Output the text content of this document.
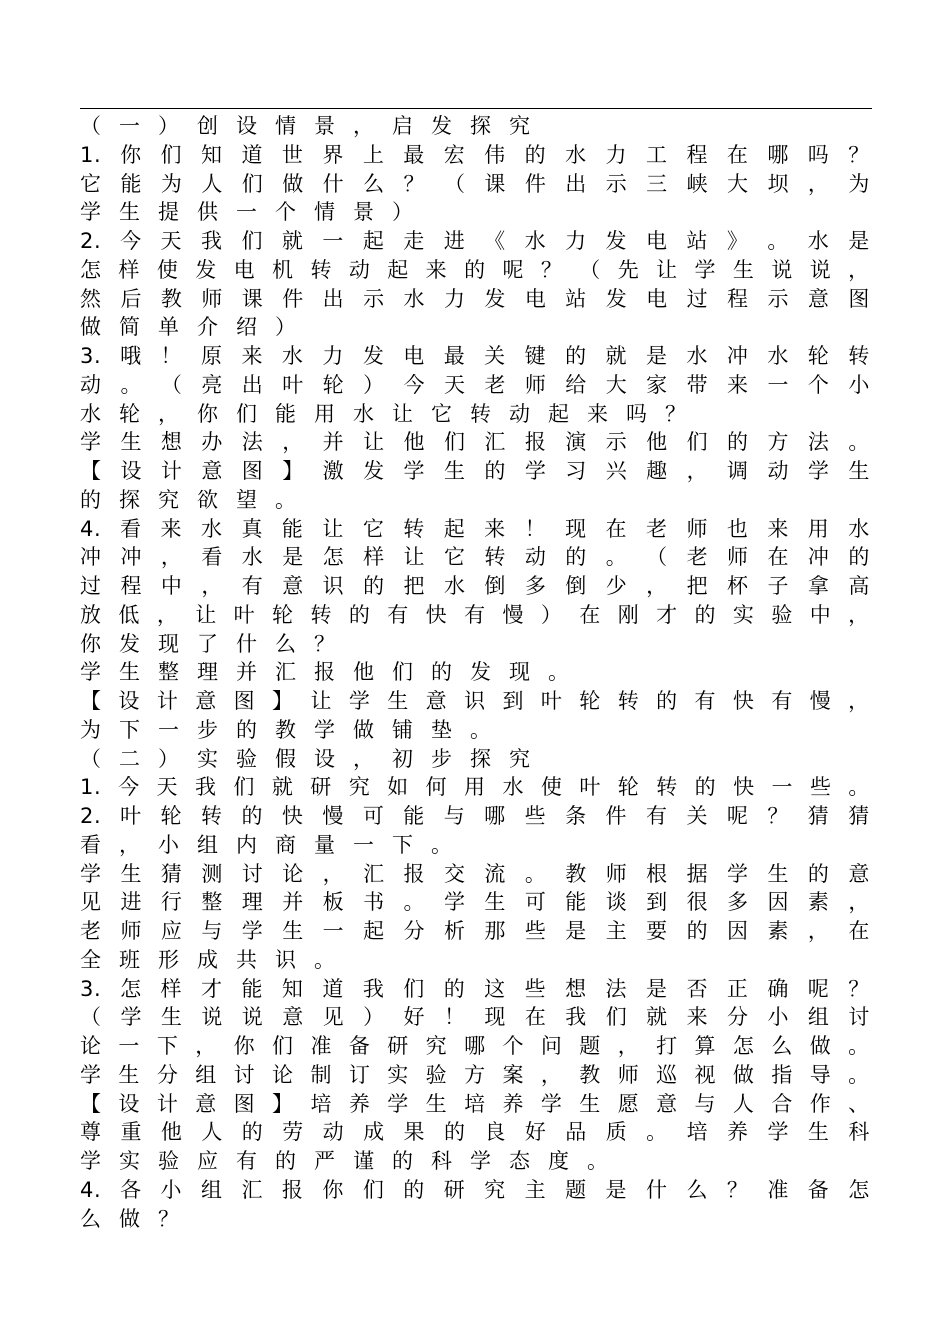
（ 一 ） 创 设 情 景 ， 启 发 探 究
1. 你 们 知 道 世 界 上 最 宏 伟 的 水 力 工 程 在 哪 吗 ？
它 能 为 人 们 做 什 么 ？ （ 课 件 出 示 三 峡 大 坝 ， 为
学 生 提 供 一 个 情 景 ）
2. 今 天 我 们 就 一 起 走 进 《 水 力 发 电 站 》 。 水 是
怎 样 使 发 电 机 转 动 起 来 的 呢 ？ （ 先 让 学 生 说 说 ，
然 后 教 师 课 件 出 示 水 力 发 电 站 发 电 过 程 示 意 图
做 简 单 介 绍 ）
3. 哦 ！ 原 来 水 力 发 电 最 关 键 的 就 是 水 冲 水 轮 转
动 。 （ 亮 出 叶 轮 ） 今 天 老 师 给 大 家 带 来 一 个 小
水 轮 ， 你 们 能 用 水 让 它 转 动 起 来 吗 ？
学 生 想 办 法 ， 并 让 他 们 汇 报 演 示 他 们 的 方 法 。
【 设 计 意 图 】 激 发 学 生 的 学 习 兴 趣 ， 调 动 学 生
的 探 究 欲 望 。
4. 看 来 水 真 能 让 它 转 起 来 ！ 现 在 老 师 也 来 用 水
冲 冲 ， 看 水 是 怎 样 让 它 转 动 的 。 （ 老 师 在 冲 的
过 程 中 ， 有 意 识 的 把 水 倒 多 倒 少 ， 把 杯 子 拿 高
放 低 ， 让 叶 轮 转 的 有 快 有 慢 ） 在 刚 才 的 实 验 中 ，
你 发 现 了 什 么 ？
学 生 整 理 并 汇 报 他 们 的 发 现 。
【 设 计 意 图 】 让 学 生 意 识 到 叶 轮 转 的 有 快 有 慢 ，
为 下 一 步 的 教 学 做 铺 垫 。
（ 二 ） 实 验 假 设 ， 初 步 探 究
1. 今 天 我 们 就 研 究 如 何 用 水 使 叶 轮 转 的 快 一 些 。
2. 叶 轮 转 的 快 慢 可 能 与 哪 些 条 件 有 关 呢 ？ 猜 猜
看 ， 小 组 内 商 量 一 下 。
学 生 猜 测 讨 论 ， 汇 报 交 流 。 教 师 根 据 学 生 的 意
见 进 行 整 理 并 板 书 。 学 生 可 能 谈 到 很 多 因 素 ，
老 师 应 与 学 生 一 起 分 析 那 些 是 主 要 的 因 素 ， 在
全 班 形 成 共 识 。
3. 怎 样 才 能 知 道 我 们 的 这 些 想 法 是 否 正 确 呢 ？
（ 学 生 说 说 意 见 ） 好 ！ 现 在 我 们 就 来 分 小 组 讨
论 一 下 ， 你 们 准 备 研 究 哪 个 问 题 ， 打 算 怎 么 做 。
学 生 分 组 讨 论 制 订 实 验 方 案 ， 教 师 巡 视 做 指 导 。
【 设 计 意 图 】 培 养 学 生 培 养 学 生 愿 意 与 人 合 作 、
尊 重 他 人 的 劳 动 成 果 的 良 好 品 质 。 培 养 学 生 科
学 实 验 应 有 的 严 谨 的 科 学 态 度 。
4. 各 小 组 汇 报 你 们 的 研 究 主 题 是 什 么 ？ 准 备 怎
么 做 ？
